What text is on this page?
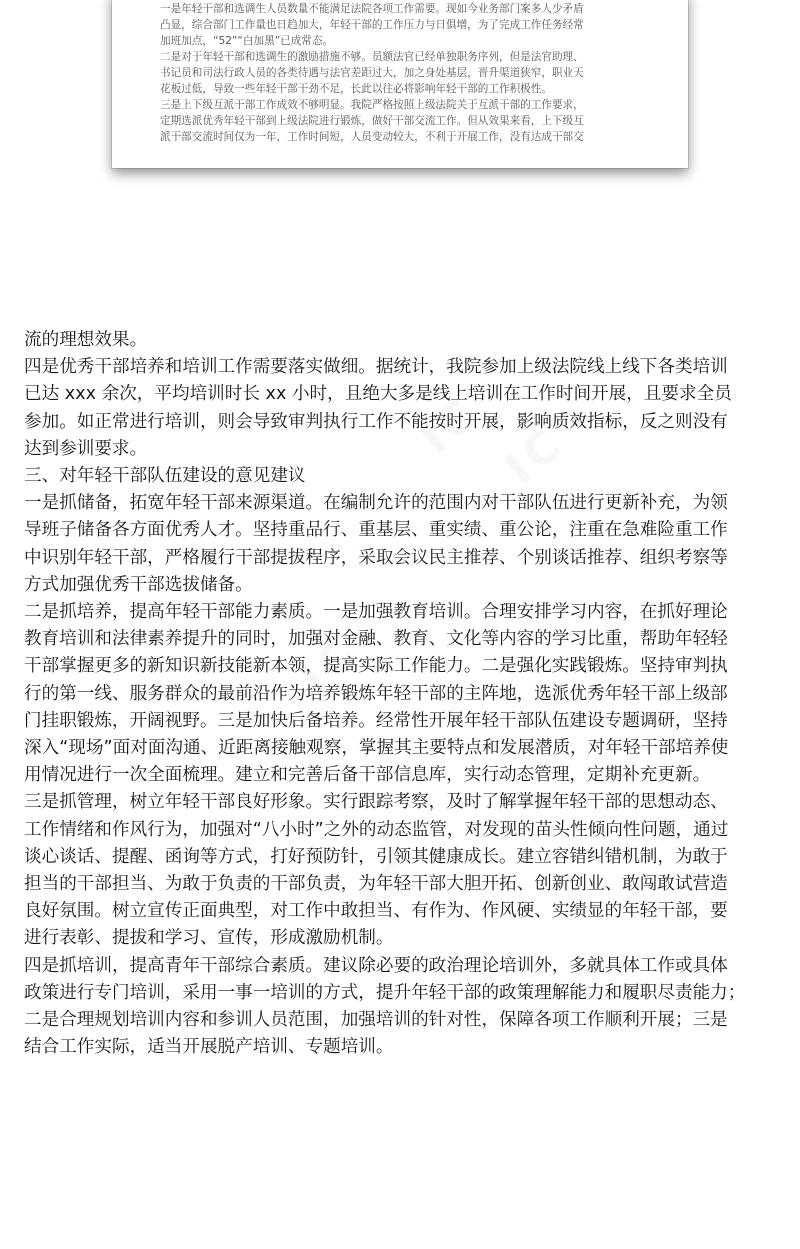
IC IC
IC
IC

一是年轻干部和选调生人员数量不能满足法院各项工作需要。现如今业务部门案多人少矛盾

凸显，综合部门工作量也日趋加大，年轻干部的工作压力与日俱增，为了完成工作任务经常

加班加点，“52”“白加黑”已成常态。

二是对于年轻干部和选调生的激励措施不够。员额法官已经单独职务序列，但是法官助理、

书记员和司法行政人员的各类待遇与法官差距过大，加之身处基层，晋升渠道狭窄，职业天

花板过低，导致一些年轻干部干劲不足，长此以往必将影响年轻干部的工作积极性。

三是上下级互派干部工作成效不够明显。我院严格按照上级法院关于互派干部的工作要求，

定期选派优秀年轻干部到上级法院进行锻炼，做好干部交流工作。但从效果来看，上下级互

派干部交流时间仅为一年，工作时间短，人员变动较大，不利于开展工作，没有达成干部交

流的理想效果。

四是优秀干部培养和培训工作需要落实做细。据统计，我院参加上级法院线上线下各类培训

已达 xxx 余次，平均培训时长 xx 小时，且绝大多是线上培训在工作时间开展，且要求全员

参加。如正常进行培训，则会导致审判执行工作不能按时开展，影响质效指标，反之则没有

达到参训要求。

三、对年轻干部队伍建设的意见建议

一是抓储备，拓宽年轻干部来源渠道。在编制允许的范围内对干部队伍进行更新补充，为领

导班子储备各方面优秀人才。坚持重品行、重基层、重实绩、重公论，注重在急难险重工作

中识别年轻干部，严格履行干部提拔程序，采取会议民主推荐、个别谈话推荐、组织考察等

方式加强优秀干部选拔储备。

二是抓培养，提高年轻干部能力素质。一是加强教育培训。合理安排学习内容，在抓好理论

教育培训和法律素养提升的同时，加强对金融、教育、文化等内容的学习比重，帮助年轻轻

干部掌握更多的新知识新技能新本领，提高实际工作能力。二是强化实践锻炼。坚持审判执

行的第一线、服务群众的最前沿作为培养锻炼年轻干部的主阵地，选派优秀年轻干部上级部

门挂职锻炼，开阔视野。三是加快后备培养。经常性开展年轻干部队伍建设专题调研，坚持

深入“现场”面对面沟通、近距离接触观察，掌握其主要特点和发展潜质，对年轻干部培养使

用情况进行一次全面梳理。建立和完善后备干部信息库，实行动态管理，定期补充更新。

三是抓管理，树立年轻干部良好形象。实行跟踪考察，及时了解掌握年轻干部的思想动态、

工作情绪和作风行为，加强对“八小时”之外的动态监管，对发现的苗头性倾向性问题，通过

谈心谈话、提醒、函询等方式，打好预防针，引领其健康成长。建立容错纠错机制，为敢于

担当的干部担当、为敢于负责的干部负责，为年轻干部大胆开拓、创新创业、敢闯敢试营造

良好氛围。树立宣传正面典型，对工作中敢担当、有作为、作风硬、实绩显的年轻干部，要

进行表彰、提拔和学习、宣传，形成激励机制。

四是抓培训，提高青年干部综合素质。建议除必要的政治理论培训外，多就具体工作或具体

政策进行专门培训，采用一事一培训的方式，提升年轻干部的政策理解能力和履职尽责能力；

二是合理规划培训内容和参训人员范围，加强培训的针对性，保障各项工作顺利开展；三是

结合工作实际，适当开展脱产培训、专题培训。
